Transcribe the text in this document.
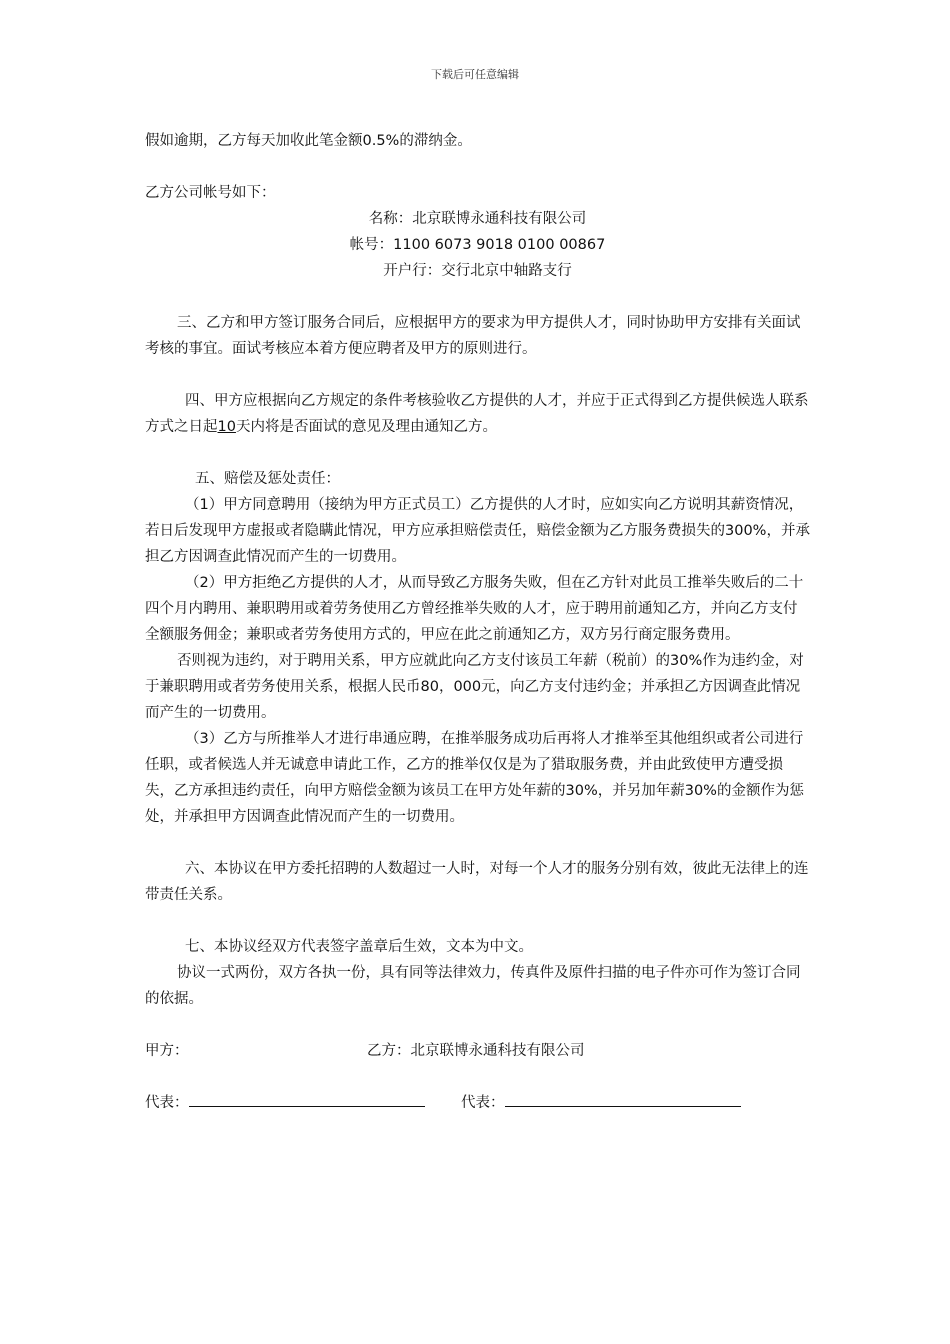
下载后可任意编辑

假如逾期，乙方每天加收此笔金额0.5%的滞纳金。

乙方公司帐号如下：

名称：北京联博永通科技有限公司

帐号：1100 6073 9018 0100 00867

开户行：交行北京中轴路支行

三、乙方和甲方签订服务合同后，应根据甲方的要求为甲方提供人才，同时协助甲方安排有关面试考核的事宜。面试考核应本着方便应聘者及甲方的原则进行。

四、甲方应根据向乙方规定的条件考核验收乙方提供的人才，并应于正式得到乙方提供候选人联系方式之日起10天内将是否面试的意见及理由通知乙方。

五、赔偿及惩处责任：

（1）甲方同意聘用（接纳为甲方正式员工）乙方提供的人才时，应如实向乙方说明其薪资情况，若日后发现甲方虚报或者隐瞒此情况，甲方应承担赔偿责任，赔偿金额为乙方服务费损失的300%，并承担乙方因调查此情况而产生的一切费用。

（2）甲方拒绝乙方提供的人才，从而导致乙方服务失败，但在乙方针对此员工推举失败后的二十四个月内聘用、兼职聘用或着劳务使用乙方曾经推举失败的人才，应于聘用前通知乙方，并向乙方支付全额服务佣金；兼职或者劳务使用方式的，甲应在此之前通知乙方，双方另行商定服务费用。

否则视为违约，对于聘用关系，甲方应就此向乙方支付该员工年薪（税前）的30%作为违约金，对于兼职聘用或者劳务使用关系，根据人民币80，000元，向乙方支付违约金；并承担乙方因调查此情况而产生的一切费用。

（3）乙方与所推举人才进行串通应聘，在推举服务成功后再将人才推举至其他组织或者公司进行任职，或者候选人并无诚意申请此工作，乙方的推举仅仅是为了猎取服务费，并由此致使甲方遭受损失，乙方承担违约责任，向甲方赔偿金额为该员工在甲方处年薪的30%，并另加年薪30%的金额作为惩处，并承担甲方因调查此情况而产生的一切费用。

六、本协议在甲方委托招聘的人数超过一人时，对每一个人才的服务分别有效，彼此无法律上的连带责任关系。

七、本协议经双方代表签字盖章后生效，文本为中文。

协议一式两份，双方各执一份，具有同等法律效力，传真件及原件扫描的电子件亦可作为签订合同的依据。

甲方：	乙方：北京联博永通科技有限公司
代表：	代表：
